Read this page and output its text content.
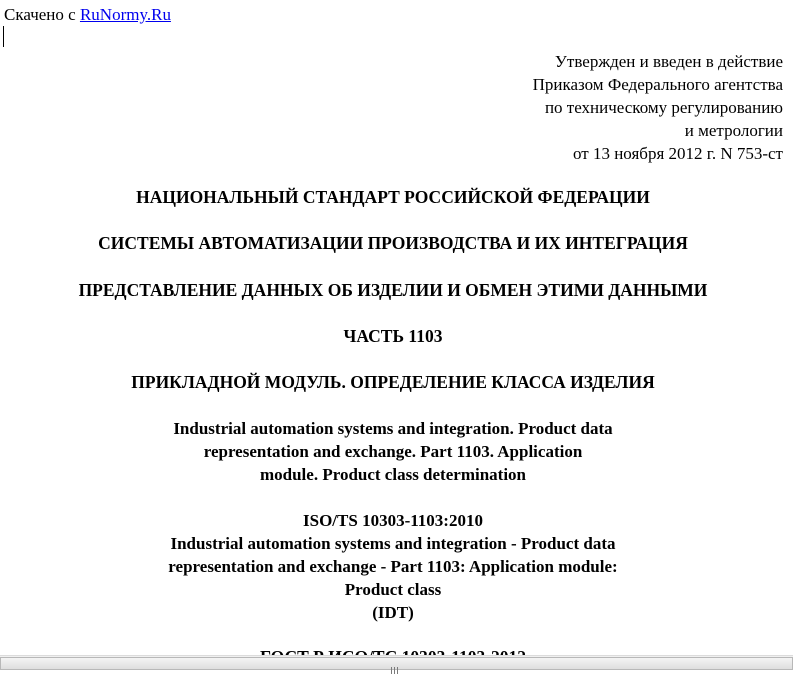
Скачено с RuNormy.Ru
Утвержден и введен в действие
Приказом Федерального агентства
по техническому регулированию
и метрологии
от 13 ноября 2012 г. N 753-ст
НАЦИОНАЛЬНЫЙ СТАНДАРТ РОССИЙСКОЙ ФЕДЕРАЦИИ
СИСТЕМЫ АВТОМАТИЗАЦИИ ПРОИЗВОДСТВА И ИХ ИНТЕГРАЦИЯ
ПРЕДСТАВЛЕНИЕ ДАННЫХ ОБ ИЗДЕЛИИ И ОБМЕН ЭТИМИ ДАННЫМИ
ЧАСТЬ 1103
ПРИКЛАДНОЙ МОДУЛЬ. ОПРЕДЕЛЕНИЕ КЛАССА ИЗДЕЛИЯ
Industrial automation systems and integration. Product data
representation and exchange. Part 1103. Application
module. Product class determination
ISO/TS 10303-1103:2010
Industrial automation systems and integration - Product data
representation and exchange - Part 1103: Application module:
Product class
(IDT)
